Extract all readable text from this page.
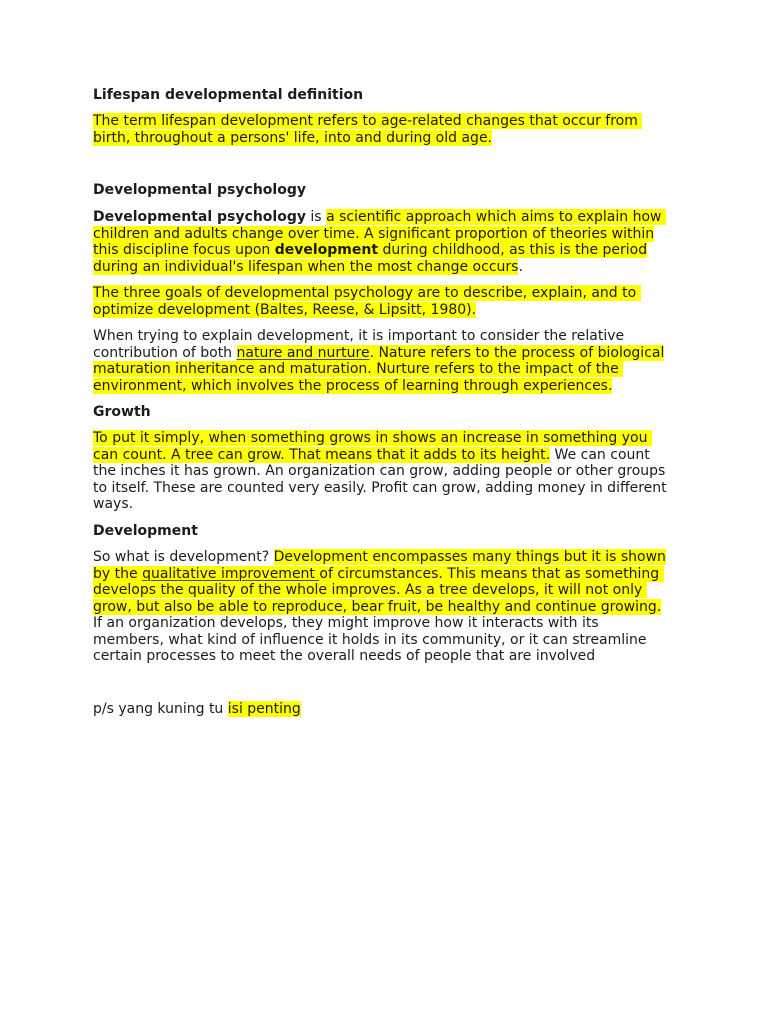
Lifespan developmental definition
The term lifespan development refers to age-related changes that occur from
birth, throughout a persons' life, into and during old age.
Developmental psychology
Developmental psychology is a scientific approach which aims to explain how
children and adults change over time. A significant proportion of theories within
this discipline focus upon development during childhood, as this is the period
during an individual's lifespan when the most change occurs.
The three goals of developmental psychology are to describe, explain, and to
optimize development (Baltes, Reese, & Lipsitt, 1980).
When trying to explain development, it is important to consider the relative
contribution of both nature and nurture. Nature refers to the process of biological
maturation inheritance and maturation. Nurture refers to the impact of the
environment, which involves the process of learning through experiences.
Growth
To put it simply, when something grows in shows an increase in something you
can count. A tree can grow. That means that it adds to its height. We can count
the inches it has grown. An organization can grow, adding people or other groups
to itself. These are counted very easily. Profit can grow, adding money in different
ways.
Development
So what is development? Development encompasses many things but it is shown
by the qualitative improvement of circumstances. This means that as something
develops the quality of the whole improves. As a tree develops, it will not only
grow, but also be able to reproduce, bear fruit, be healthy and continue growing.
If an organization develops, they might improve how it interacts with its
members, what kind of influence it holds in its community, or it can streamline
certain processes to meet the overall needs of people that are involved
p/s yang kuning tu isi penting
